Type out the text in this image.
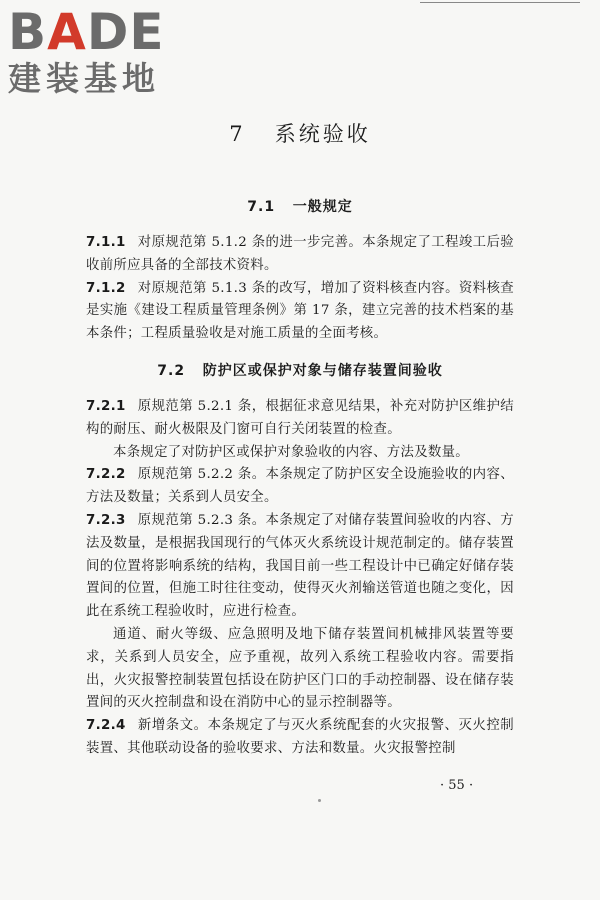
BADE
建装基地
7 系统验收
7.1 一般规定
7.1.1 对原规范第 5.1.2 条的进一步完善。本条规定了工程竣工后验收前所应具备的全部技术资料。
7.1.2 对原规范第 5.1.3 条的改写，增加了资料核查内容。资料核查是实施《建设工程质量管理条例》第 17 条，建立完善的技术档案的基本条件；工程质量验收是对施工质量的全面考核。
7.2 防护区或保护对象与储存装置间验收
7.2.1 原规范第 5.2.1 条，根据征求意见结果，补充对防护区维护结构的耐压、耐火极限及门窗可自行关闭装置的检查。
本条规定了对防护区或保护对象验收的内容、方法及数量。
7.2.2 原规范第 5.2.2 条。本条规定了防护区安全设施验收的内容、方法及数量；关系到人员安全。
7.2.3 原规范第 5.2.3 条。本条规定了对储存装置间验收的内容、方法及数量，是根据我国现行的气体灭火系统设计规范制定的。储存装置间的位置将影响系统的结构，我国目前一些工程设计中已确定好储存装置间的位置，但施工时往往变动，使得灭火剂输送管道也随之变化，因此在系统工程验收时，应进行检查。
通道、耐火等级、应急照明及地下储存装置间机械排风装置等要求，关系到人员安全，应予重视，故列入系统工程验收内容。需要指出，火灾报警控制装置包括设在防护区门口的手动控制器、设在储存装置间的灭火控制盘和设在消防中心的显示控制器等。
7.2.4 新增条文。本条规定了与灭火系统配套的火灾报警、灭火控制装置、其他联动设备的验收要求、方法和数量。火灾报警控制
· 55 ·
